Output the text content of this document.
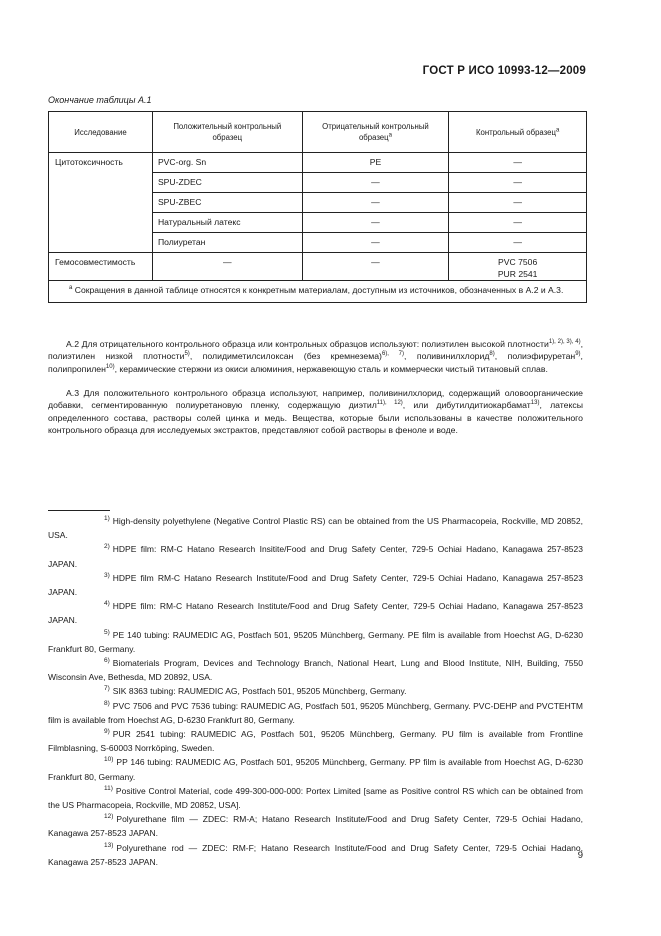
ГОСТ Р ИСО 10993-12—2009
Окончание таблицы А.1
Исследование	Положительный контрольный образец	Отрицательный контрольный образец$^a$	Контрольный образец$^a$
Цитотоксичность	PVC-org. Sn	PE	—
	SPU-ZDEC	—	—
	SPU-ZBEC	—	—
	Натуральный латекс	—	—
	Полиуретан	—	—
Гемосовместимость	—	—	PVC 7506
PUR 2541

$^а$ Сокращения в данной таблице относятся к конкретным материалам, доступным из источников, обозначенных в А.2 и А.3.			
А.2 Для отрицательного контрольного образца или контрольных образцов используют: полиэтилен высокой плотности$^{1), 2), 3), 4)}$, полиэтилен низкой плотности$^{5)}$, полидиметилсилоксан (без кремнезема)$^{6), 7)}$, поливинилхлорид$^{8)}$, полиэфируретан$^{9)}$, полипропилен$^{10)}$, керамические стержни из окиси алюминия, нержавеющую сталь и коммерчески чистый титановый сплав.
А.3 Для положительного контрольного образца используют, например, поливинилхлорид, содержащий оловоорганические добавки, сегментированную полиуретановую пленку, содержащую диэтил$^{11), 12)}$, или дибутилдитиокарбамат$^{13)}$, латексы определенного состава, растворы солей цинка и медь. Вещества, которые были использованы в качестве положительного контрольного образца для исследуемых экстрактов, представляют собой растворы в феноле и воде.

1) High-density polyethylene (Negative Control Plastic RS) can be obtained from the US Pharmacopeia, Rockville, MD 20852, USA.

2) HDPE film: RM-C Hatano Research Insitite/Food and Drug Safety Center, 729-5 Ochiai Hadano, Kanagawa 257-8523 JAPAN.

3) HDPE film RM-C Hatano Research Institute/Food and Drug Safety Center, 729-5 Ochiai Hadano, Kanagawa 257-8523 JAPAN.

4) HDPE film: RM-C Hatano Research Institute/Food and Drug Safety Center, 729-5 Ochiai Hadano, Kanagawa 257-8523 JAPAN.

5) PE 140 tubing: RAUMEDIC AG, Postfach 501, 95205 Münchberg, Germany. PE film is available from Hoechst AG, D-6230 Frankfurt 80, Germany.

6) Biomaterials Program, Devices and Technology Branch, National Heart, Lung and Blood Institute, NIH, Building, 7550 Wisconsin Ave, Bethesda, MD 20892, USA.

7) SIK 8363 tubing: RAUMEDIC AG, Postfach 501, 95205 Münchberg, Germany.

8) PVC 7506 and PVC 7536 tubing: RAUMEDIC AG, Postfach 501, 95205 Münchberg, Germany. PVC-DEHP and PVCTEHTM film is available from Hoechst AG, D-6230 Frankfurt 80, Germany.

9) PUR 2541 tubing: RAUMEDIC AG, Postfach 501, 95205 Münchberg, Germany. PU film is available from Frontline Filmblasning, S-60003 Norrköping, Sweden.

10) PP 146 tubing: RAUMEDIC AG, Postfach 501, 95205 Münchberg, Germany. PP film is available from Hoechst AG, D-6230 Frankfurt 80, Germany.

11) Positive Control Material, code 499-300-000-000: Portex Limited [same as Positive control RS which can be obtained from the US Pharmacopeia, Rockville, MD 20852, USA].

12) Polyurethane film — ZDEC: RM-A; Hatano Research Institute/Food and Drug Safety Center, 729-5 Ochiai Hadano, Kanagawa 257-8523 JAPAN.

13) Polyurethane rod — ZDEC: RM-F; Hatano Research Institute/Food and Drug Safety Center, 729-5 Ochiai Hadano, Kanagawa 257-8523 JAPAN.

9
